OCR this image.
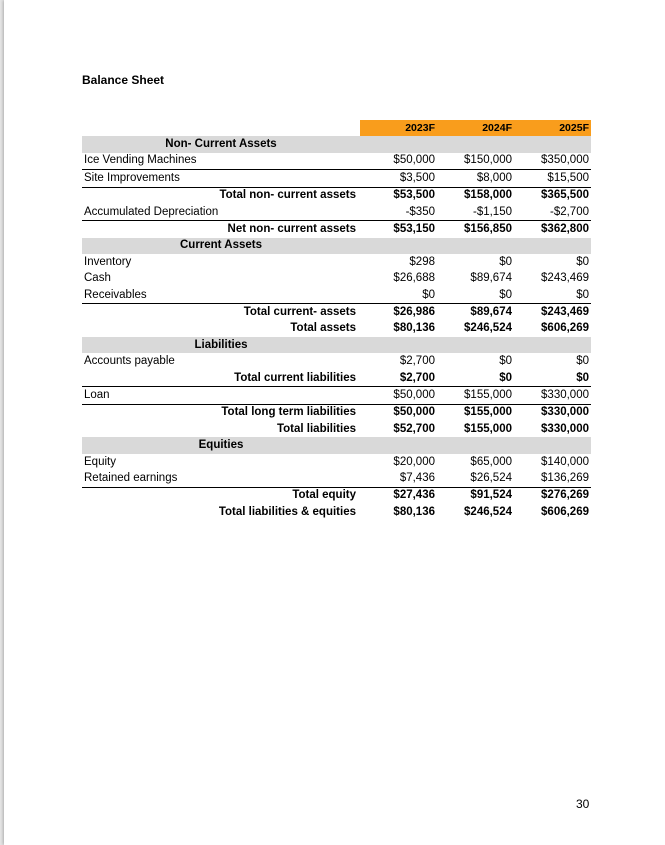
Balance Sheet
	2023F	2024F	2025F
Non- Current Assets			
Ice Vending Machines	$50,000	$150,000	$350,000
Site Improvements	$3,500	$8,000	$15,500
Total non- current assets	$53,500	$158,000	$365,500
Accumulated Depreciation	-$350	-$1,150	-$2,700
Net non- current assets	$53,150	$156,850	$362,800
Current Assets			
Inventory	$298	$0	$0
Cash	$26,688	$89,674	$243,469
Receivables	$0	$0	$0
Total current- assets	$26,986	$89,674	$243,469
Total assets	$80,136	$246,524	$606,269
Liabilities			
Accounts payable	$2,700	$0	$0
Total current liabilities	$2,700	$0	$0
Loan	$50,000	$155,000	$330,000
Total long term liabilities	$50,000	$155,000	$330,000
Total liabilities	$52,700	$155,000	$330,000
Equities			
Equity	$20,000	$65,000	$140,000
Retained earnings	$7,436	$26,524	$136,269
Total equity	$27,436	$91,524	$276,269
Total liabilities & equities	$80,136	$246,524	$606,269
30
